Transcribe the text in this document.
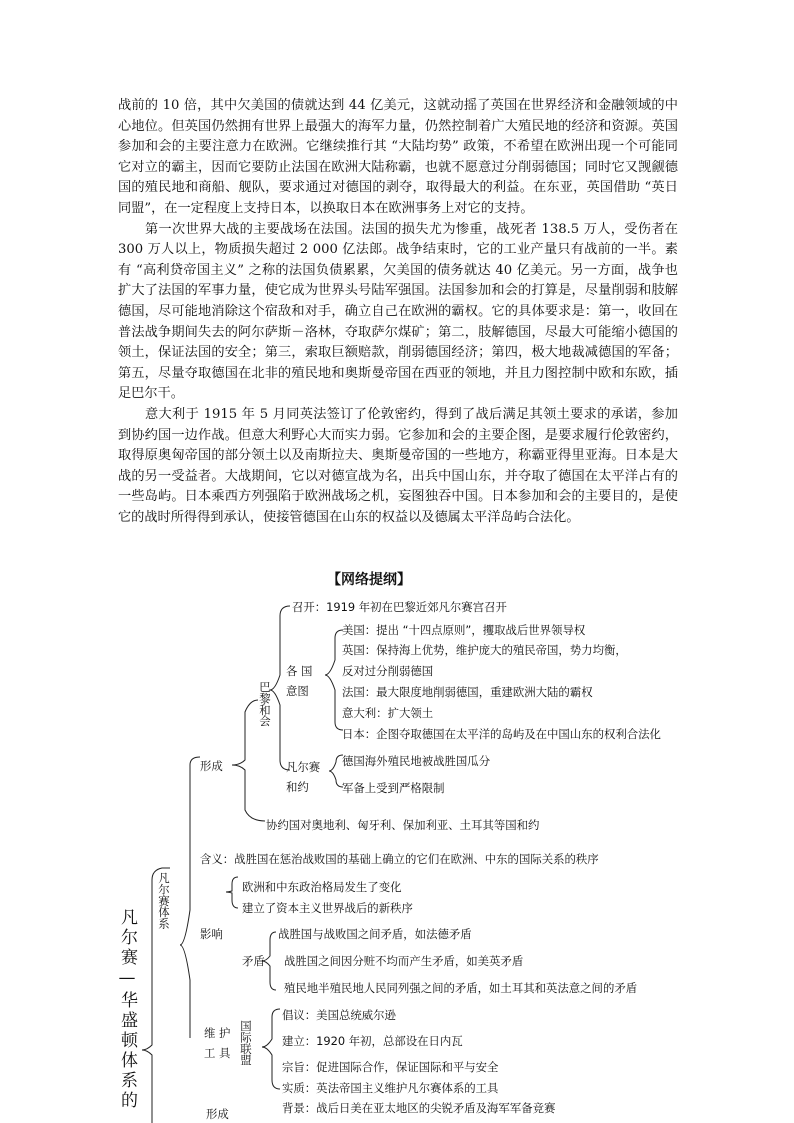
战前的 10 倍，其中欠美国的债就达到 44 亿美元，这就动摇了英国在世界经济和金融领域的中心地位。但英国仍然拥有世界上最强大的海军力量，仍然控制着广大殖民地的经济和资源。英国参加和会的主要注意力在欧洲。它继续推行其 “大陆均势” 政策，不希望在欧洲出现一个可能同它对立的霸主，因而它要防止法国在欧洲大陆称霸，也就不愿意过分削弱德国；同时它又觊觎德国的殖民地和商船、舰队，要求通过对德国的剥夺，取得最大的利益。在东亚，英国借助 “英日同盟”，在一定程度上支持日本，以换取日本在欧洲事务上对它的支持。

第一次世界大战的主要战场在法国。法国的损失尤为惨重，战死者 138.5 万人，受伤者在 300 万人以上，物质损失超过 2 000 亿法郎。战争结束时，它的工业产量只有战前的一半。素有 “高利贷帝国主义” 之称的法国负债累累，欠美国的债务就达 40 亿美元。另一方面，战争也扩大了法国的军事力量，使它成为世界头号陆军强国。法国参加和会的打算是，尽量削弱和肢解德国，尽可能地消除这个宿敌和对手，确立自己在欧洲的霸权。它的具体要求是：第一，收回在普法战争期间失去的阿尔萨斯－洛林，夺取萨尔煤矿；第二，肢解德国，尽最大可能缩小德国的领土，保证法国的安全；第三，索取巨额赔款，削弱德国经济；第四，极大地裁减德国的军备；第五，尽量夺取德国在北非的殖民地和奥斯曼帝国在西亚的领地，并且力图控制中欧和东欧，插足巴尔干。

意大利于 1915 年 5 月同英法签订了伦敦密约，得到了战后满足其领土要求的承诺，参加到协约国一边作战。但意大利野心大而实力弱。它参加和会的主要企图，是要求履行伦敦密约，取得原奥匈帝国的部分领土以及南斯拉夫、奥斯曼帝国的一些地方，称霸亚得里亚海。日本是大战的另一受益者。大战期间，它以对德宣战为名，出兵中国山东，并夺取了德国在太平洋占有的一些岛屿。日本乘西方列强陷于欧洲战场之机，妄图独吞中国。日本参加和会的主要目的，是使它的战时所得得到承认，使接管德国在山东的权益以及德属太平洋岛屿合法化。

【网络提纲】
凡尔赛—华盛顿体系的
凡尔赛体系
巴黎和会
国际联盟
形成
召开：1919 年初在巴黎近郊凡尔赛宫召开
各 国
意图
美国：提出 “十四点原则”，攫取战后世界领导权
英国：保持海上优势，维护庞大的殖民帝国，势力均衡，
反对过分削弱德国
法国：最大限度地削弱德国，重建欧洲大陆的霸权
意大利：扩大领土
日本：企图夺取德国在太平洋的岛屿及在中国山东的权利合法化
凡尔赛
和约
德国海外殖民地被战胜国瓜分
军备上受到严格限制
协约国对奥地利、匈牙利、保加利亚、土耳其等国和约
含义：战胜国在惩治战败国的基础上确立的它们在欧洲、中东的国际关系的秩序
影响
欧洲和中东政治格局发生了变化
建立了资本主义世界战后的新秩序
矛盾
战胜国与战败国之间矛盾，如法德矛盾
战胜国之间因分赃不均而产生矛盾，如美英矛盾
殖民地半殖民地人民同列强之间的矛盾，如土耳其和英法意之间的矛盾
维 护
工 具
倡议：美国总统威尔逊
建立：1920 年初，总部设在日内瓦
宗旨：促进国际合作，保证国际和平与安全
实质：英法帝国主义维护凡尔赛体系的工具
形成	背景：战后日美在亚太地区的尖锐矛盾及海军军备竞赛
